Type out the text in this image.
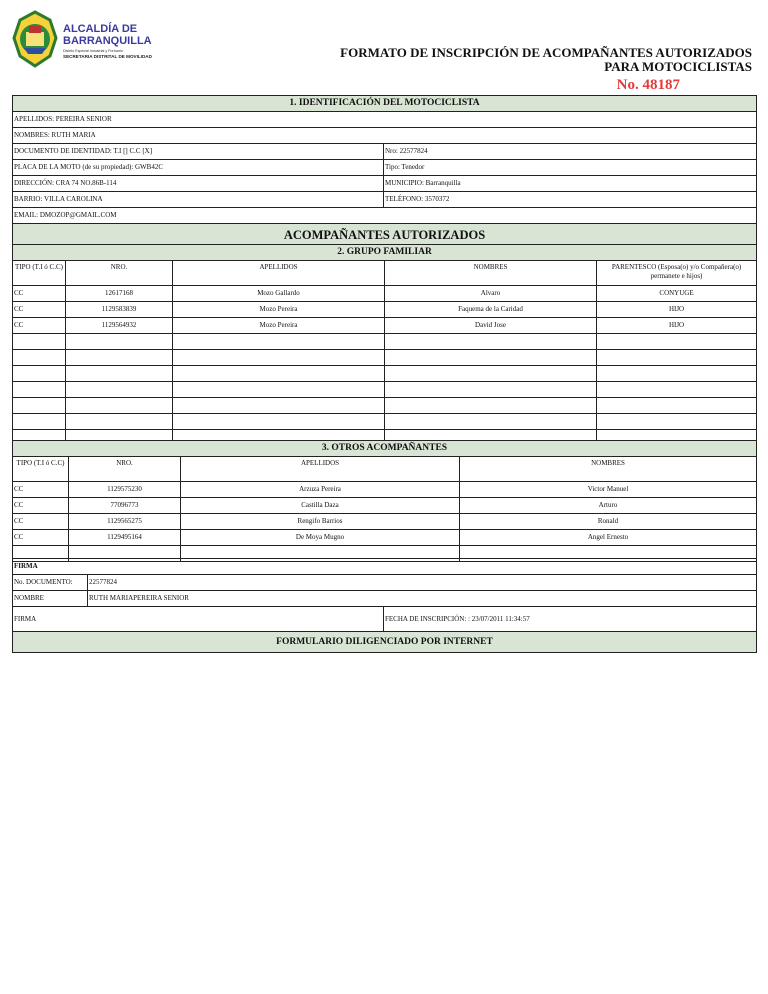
ALCALDÍA DE
BARRANQUILLA
Distrito Especial Industrial y Portuario
SECRETARIA DISTRITAL DE MOVILIDAD	FORMATO DE INSCRIPCIÓN DE ACOMPAÑANTES AUTORIZADOS
PARA MOTOCICLISTAS
No. 48187
1. IDENTIFICACIÓN DEL MOTOCICLISTA	
APELLIDOS: PEREIRA SENIOR	
NOMBRES: RUTH MARIA	
DOCUMENTO DE IDENTIDAD: T.I [] C.C [X]	Nro: 22577824
PLACA DE LA MOTO (de su propiedad): GWB42C	Tipo: Tenedor
DIRECCIÓN: CRA 74 NO.86B-114	MUNICIPIO: Barranquilla
BARRIO: VILLA CAROLINA	TELÉFONO: 3570372
EMAIL: DMOZOP@GMAIL.COM	
ACOMPAÑANTES AUTORIZADOS	
2. GRUPO FAMILIAR				
TIPO (T.I ó C.C)	NRO.	APELLIDOS	NOMBRES	PARENTESCO (Esposa(o) y/o Compañera(o) permanete e hijos)
CC	12617168	Mozo Gallardo	Alvaro	CONYUGE
CC	1129583839	Mozo Pereira	Faquema de la Caridad	HIJO
CC	1129564932	Mozo Pereira	David Jose	HIJO

3. OTROS ACOMPAÑANTES			
TIPO (T.I ó C.C)	NRO.	APELLIDOS	NOMBRES
CC	1129575230	Arzuza Pereira	Victor Manuel
CC	77096773	Castilla Daza	Arturo
CC	1129565275	Rengifo Barrios	Ronald
CC	1129495164	De Moya Mugno	Angel Ernesto

FIRMA		
No. DOCUMENTO:	22577824	
NOMBRE	RUTH MARIAPEREIRA SENIOR	
FIRMA		FECHA DE INSCRIPCIÓN: : 23/07/2011 11:34:57
FORMULARIO DILIGENCIADO POR INTERNET		
